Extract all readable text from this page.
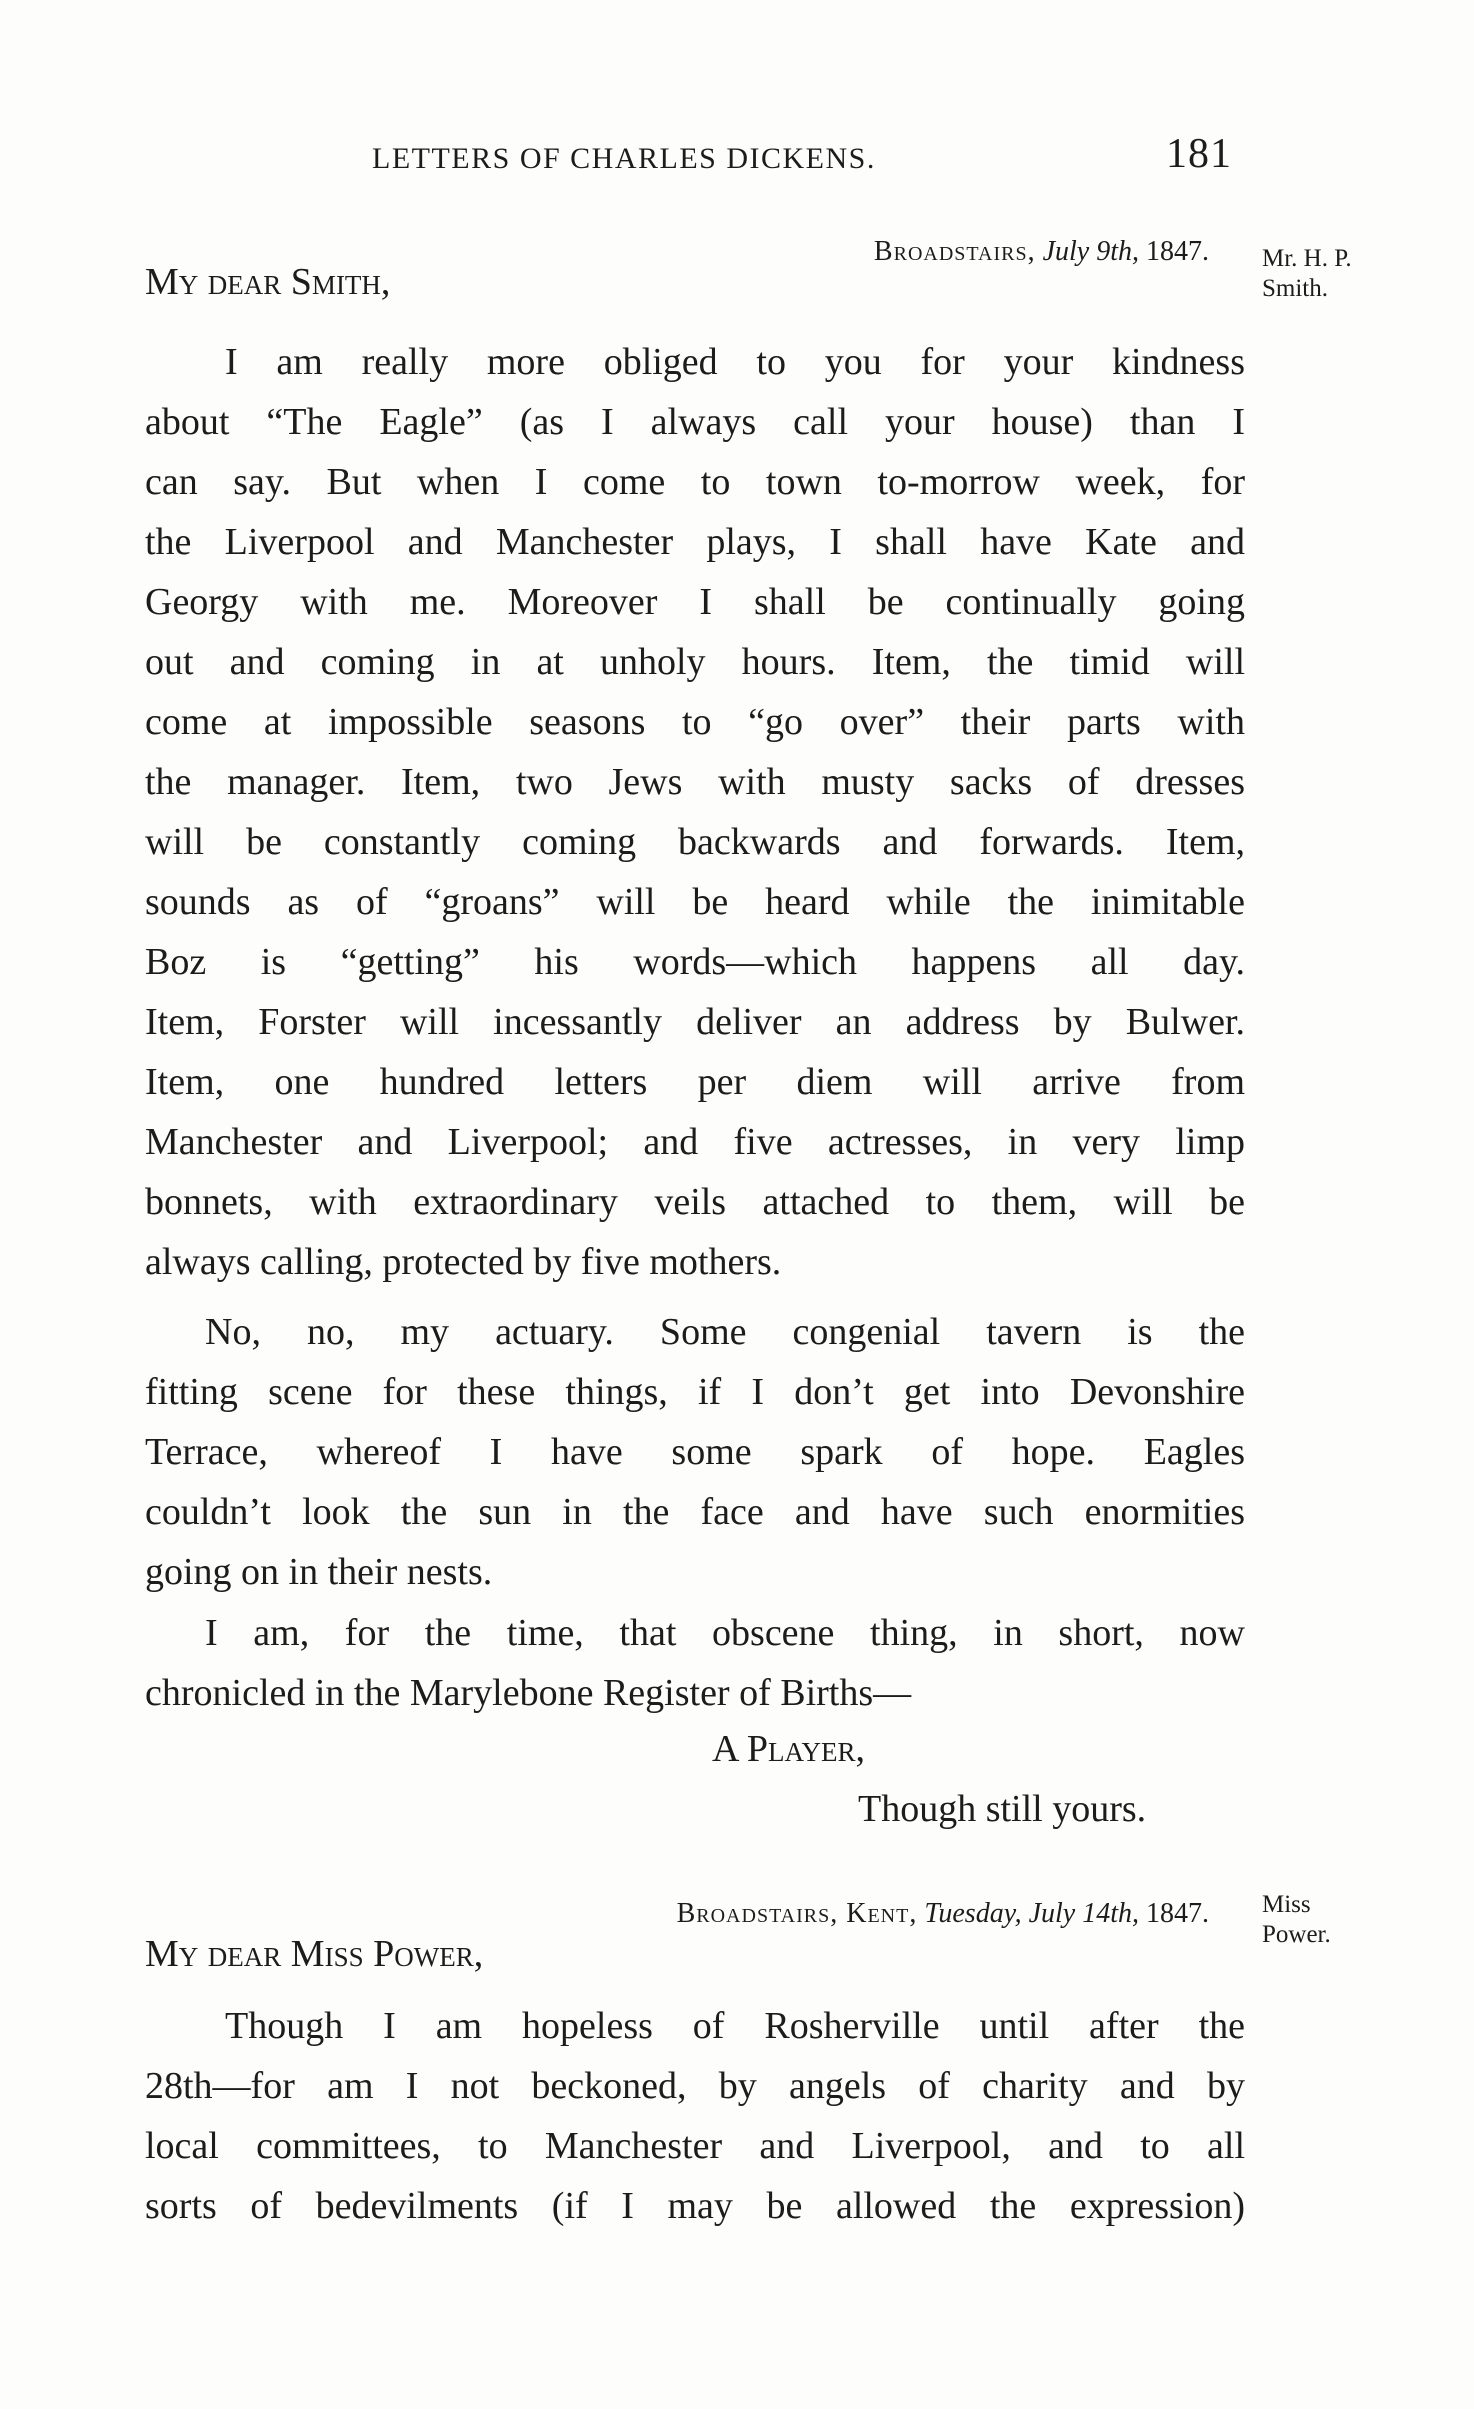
LETTERS OF CHARLES DICKENS.	181
Broadstairs, July 9th, 1847. Mr. H. P.
Smith.
My dear Smith,
I am really more obliged to you for your kindness
about “The Eagle” (as I always call your house) than I
can say. But when I come to town to-morrow week, for
the Liverpool and Manchester plays, I shall have Kate and
Georgy with me. Moreover I shall be continually going
out and coming in at unholy hours. Item, the timid will
come at impossible seasons to “go over” their parts with
the manager. Item, two Jews with musty sacks of dresses
will be constantly coming backwards and forwards. Item,
sounds as of “groans” will be heard while the inimitable
Boz is “getting” his words—which happens all day.
Item, Forster will incessantly deliver an address by Bulwer.
Item, one hundred letters per diem will arrive from
Manchester and Liverpool; and five actresses, in very limp
bonnets, with extraordinary veils attached to them, will be
always calling, protected by five mothers.
No, no, my actuary. Some congenial tavern is the
fitting scene for these things, if I don’t get into Devonshire
Terrace, whereof I have some spark of hope. Eagles
couldn’t look the sun in the face and have such enormities
going on in their nests.
I am, for the time, that obscene thing, in short, now
chronicled in the Marylebone Register of Births—
A Player,
Though still yours.
Broadstairs, Kent, Tuesday, July 14th, 1847. Miss
Power.
My dear Miss Power,
Though I am hopeless of Rosherville until after the
28th—for am I not beckoned, by angels of charity and by
local committees, to Manchester and Liverpool, and to all
sorts of bedevilments (if I may be allowed the expression)
